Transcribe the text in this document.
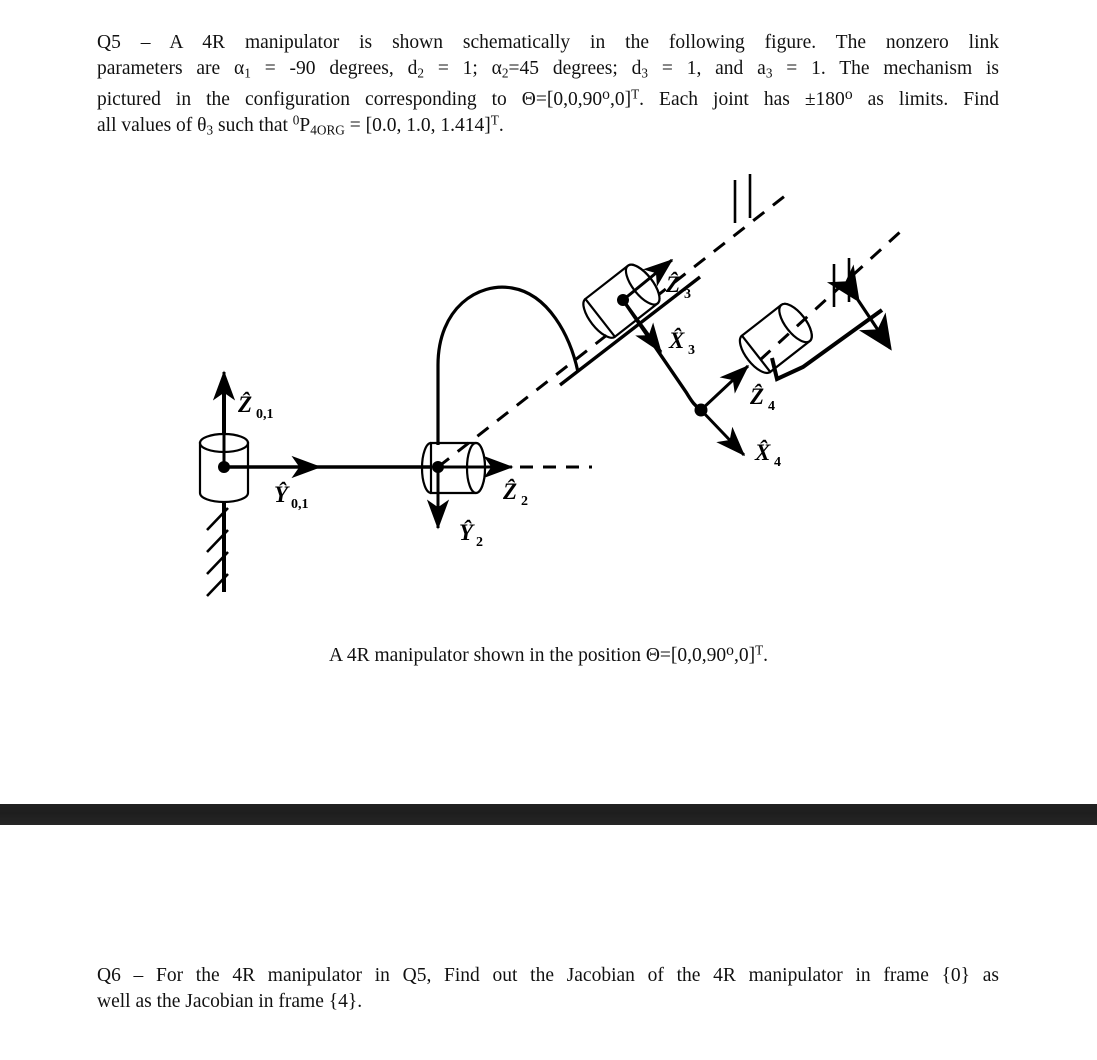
Q5 – A 4R manipulator is shown schematically in the following figure. The nonzero link
parameters are $\alpha_1 = -90$ degrees, $d_2 = 1$; $\alpha_2=45$ degrees; $d_3 = 1$, and $a_3 = 1$. The mechanism is
pictured in the configuration corresponding to $\Theta=[0,0,90^o,0]^T$. Each joint has $\pm 180^o$ as limits. Find
all values of $\theta_3$ such that $^0P_{4ORG} = [0.0$, 1.0, 1.414]$^T$.
Ẑ 0,1
Ŷ 0,1
Ẑ 2
Ŷ 2
Ẑ 3
X̂ 3
Ẑ 4
X̂ 4
A 4R manipulator shown in the position $\Theta=[0,0,90^o,0]^T$.
Q6 – For the 4R manipulator in Q5, Find out the Jacobian of the 4R manipulator in frame {0} as
well as the Jacobian in frame {4}.
